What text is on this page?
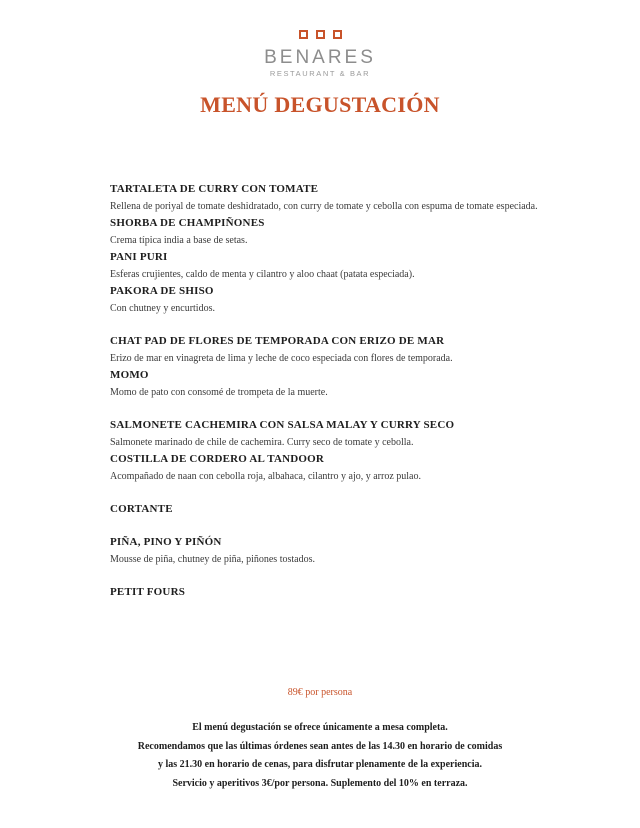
BENARES
RESTAURANT & BAR
MENÚ DEGUSTACIÓN
TARTALETA DE CURRY CON TOMATE
Rellena de poriyal de tomate deshidratado, con curry de tomate y cebolla con espuma de tomate especiada.
SHORBA DE CHAMPIÑONES
Crema típica india a base de setas.
PANI PURI
Esferas crujientes, caldo de menta y cilantro y aloo chaat (patata especiada).
PAKORA DE SHISO
Con chutney y encurtidos.
CHAT PAD DE FLORES DE TEMPORADA CON ERIZO DE MAR
Erizo de mar en vinagreta de lima y leche de coco especiada con flores de temporada.
MOMO
Momo de pato con consomé de trompeta de la muerte.
SALMONETE CACHEMIRA CON SALSA MALAY Y CURRY SECO
Salmonete marinado de chile de cachemira. Curry seco de tomate y cebolla.
COSTILLA DE CORDERO AL TANDOOR
Acompañado de naan con cebolla roja, albahaca, cilantro y ajo, y arroz pulao.
CORTANTE
PIÑA, PINO Y PIÑÓN
Mousse de piña, chutney de piña, piñones tostados.
PETIT FOURS
89€ por persona
El menú degustación se ofrece únicamente a mesa completa.
Recomendamos que las últimas órdenes sean antes de las 14.30 en horario de comidas
y las 21.30 en horario de cenas, para disfrutar plenamente de la experiencia.
Servicio y aperitivos 3€/por persona. Suplemento del 10% en terraza.
